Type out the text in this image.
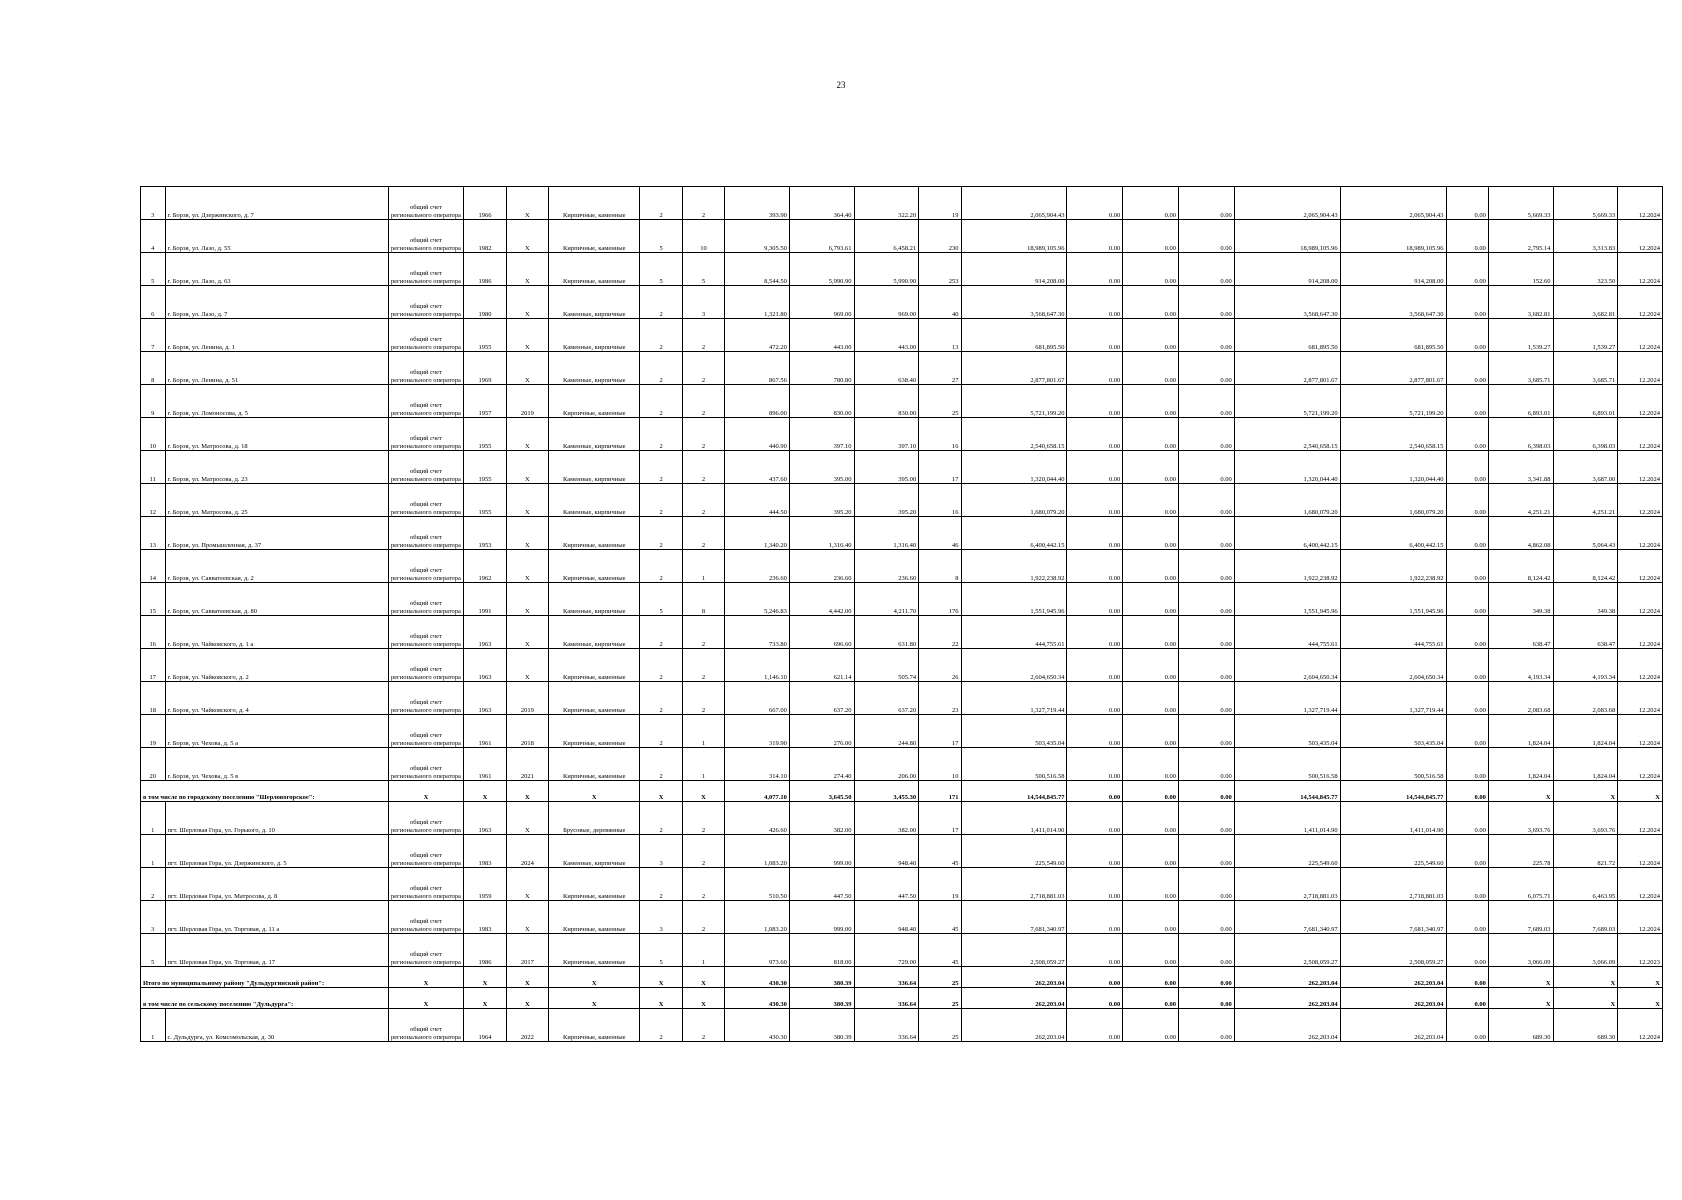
23
3	г. Борзя, ул. Дзержинского, д. 7	общий счет регионального оператора	1966	X	Кирпичные, каменные	2	2	393.90	364.40	322.20	19	2,065,904.43	0.00	0.00	0.00	2,065,904.43	2,065,904.43	0.00	5,669.33	5,669.33	12.2024
4	г. Борзя, ул. Лазо, д. 55	общий счет регионального оператора	1982	X	Кирпичные, каменные	5	10	9,305.50	6,793.61	6,458.21	230	18,989,105.96	0.00	0.00	0.00	18,989,105.96	18,989,105.96	0.00	2,795.14	3,313.83	12.2024
5	г. Борзя, ул. Лазо, д. 63	общий счет регионального оператора	1986	X	Кирпичные, каменные	5	5	8,544.50	5,990.90	5,990.90	253	914,208.00	0.00	0.00	0.00	914,208.00	914,208.00	0.00	152.60	323.50	12.2024
6	г. Борзя, ул. Лазо, д. 7	общий счет регионального оператора	1980	X	Каменные, кирпичные	2	3	1,321.80	969.00	969.00	40	3,568,647.30	0.00	0.00	0.00	3,568,647.30	3,568,647.30	0.00	3,682.81	3,682.81	12.2024
7	г. Борзя, ул. Ленина, д. 1	общий счет регионального оператора	1955	X	Каменные, кирпичные	2	2	472.20	443.00	443.00	13	681,895.50	0.00	0.00	0.00	681,895.50	681,895.50	0.00	1,539.27	1,539.27	12.2024
8	г. Борзя, ул. Ленина, д. 51	общий счет регионального оператора	1969	X	Каменные, кирпичные	2	2	867.56	780.80	638.40	27	2,877,801.67	0.00	0.00	0.00	2,877,801.67	2,877,801.67	0.00	3,685.71	3,685.71	12.2024
9	г. Борзя, ул. Ломоносова, д. 5	общий счет регионального оператора	1957	2019	Кирпичные, каменные	2	2	896.00	830.00	830.00	25	5,721,199.20	0.00	0.00	0.00	5,721,199.20	5,721,199.20	0.00	6,893.01	6,893.01	12.2024
10	г. Борзя, ул. Матросова, д. 18	общий счет регионального оператора	1955	X	Каменные, кирпичные	2	2	440.90	397.10	397.10	16	2,540,658.15	0.00	0.00	0.00	2,540,658.15	2,540,658.15	0.00	6,398.03	6,398.03	12.2024
11	г. Борзя, ул. Матросова, д. 23	общий счет регионального оператора	1955	X	Каменные, кирпичные	2	2	437.60	395.00	395.00	17	1,320,044.40	0.00	0.00	0.00	1,320,044.40	1,320,044.40	0.00	3,341.88	3,687.00	12.2024
12	г. Борзя, ул. Матросова, д. 25	общий счет регионального оператора	1955	X	Каменные, кирпичные	2	2	444.50	395.20	395.20	16	1,680,079.20	0.00	0.00	0.00	1,680,079.20	1,680,079.20	0.00	4,251.21	4,251.21	12.2024
13	г. Борзя, ул. Промышленная, д. 37	общий счет регионального оператора	1953	X	Кирпичные, каменные	2	2	1,340.20	1,316.40	1,316.40	46	6,400,442.15	0.00	0.00	0.00	6,400,442.15	6,400,442.15	0.00	4,862.08	5,064.43	12.2024
14	г. Борзя, ул. Савватеевская, д. 2	общий счет регионального оператора	1962	X	Кирпичные, каменные	2	1	236.60	236.60	236.60	8	1,922,238.92	0.00	0.00	0.00	1,922,238.92	1,922,238.92	0.00	8,124.42	8,124.42	12.2024
15	г. Борзя, ул. Савватеевская, д. 80	общий счет регионального оператора	1991	X	Каменные, кирпичные	5	8	5,246.83	4,442.00	4,211.70	176	1,551,945.96	0.00	0.00	0.00	1,551,945.96	1,551,945.96	0.00	349.38	349.38	12.2024
16	г. Борзя, ул. Чайковского, д. 1 а	общий счет регионального оператора	1963	X	Каменные, кирпичные	2	2	733.80	696.60	631.80	22	444,755.61	0.00	0.00	0.00	444,755.61	444,755.61	0.00	638.47	638.47	12.2024
17	г. Борзя, ул. Чайковского, д. 2	общий счет регионального оператора	1963	X	Кирпичные, каменные	2	2	1,146.10	621.14	505.74	26	2,604,650.34	0.00	0.00	0.00	2,604,650.34	2,604,650.34	0.00	4,193.34	4,193.34	12.2024
18	г. Борзя, ул. Чайковского, д. 4	общий счет регионального оператора	1963	2019	Кирпичные, каменные	2	2	667.00	637.20	637.20	23	1,327,719.44	0.00	0.00	0.00	1,327,719.44	1,327,719.44	0.00	2,083.68	2,083.68	12.2024
19	г. Борзя, ул. Чехова, д. 5 а	общий счет регионального оператора	1961	2018	Кирпичные, каменные	2	1	319.90	276.00	244.80	17	503,435.04	0.00	0.00	0.00	503,435.04	503,435.04	0.00	1,824.04	1,824.04	12.2024
20	г. Борзя, ул. Чехова, д. 5 в	общий счет регионального оператора	1961	2021	Кирпичные, каменные	2	1	314.10	274.40	206.00	10	500,516.58	0.00	0.00	0.00	500,516.58	500,516.58	0.00	1,824.04	1,824.04	12.2024
в том числе по городскому поселению "Шерловогорское":		X	X	X	X	X	X	4,077.10	3,645.50	3,455.30	171	14,544,845.77	0.00	0.00	0.00	14,544,845.77	14,544,845.77	0.00	X	X	X
1	пгт. Шерловая Гора, ул. Горького, д. 10	общий счет регионального оператора	1963	X	Брусовые, деревянные	2	2	426.60	382.00	382.00	17	1,411,014.90	0.00	0.00	0.00	1,411,014.90	1,411,014.90	0.00	3,693.76	3,693.76	12.2024
1	пгт. Шерловая Гора, ул. Дзержинского, д. 5	общий счет регионального оператора	1983	2024	Каменные, кирпичные	3	2	1,083.20	999.00	948.40	45	225,549.60	0.00	0.00	0.00	225,549.60	225,549.60	0.00	225.78	821.72	12.2024
2	пгт. Шерловая Гора, ул. Матросова, д. 8	общий счет регионального оператора	1959	X	Кирпичные, каменные	2	2	510.50	447.50	447.50	19	2,718,881.03	0.00	0.00	0.00	2,718,881.03	2,718,881.03	0.00	6,075.71	6,463.95	12.2024
3	пгт. Шерловая Гора, ул. Торговая, д. 11 а	общий счет регионального оператора	1983	X	Кирпичные, каменные	3	2	1,083.20	999.00	948.40	45	7,681,340.97	0.00	0.00	0.00	7,681,340.97	7,681,340.97	0.00	7,689.03	7,689.03	12.2024
5	пгт. Шерловая Гора, ул. Торговая, д. 17	общий счет регионального оператора	1986	2017	Кирпичные, каменные	5	1	973.60	818.00	729.00	45	2,508,059.27	0.00	0.00	0.00	2,508,059.27	2,508,059.27	0.00	3,066.09	3,066.09	12.2023
Итого по муниципальному району "Дульдургинский район":		X	X	X	X	X	X	430.30	380.39	336.64	25	262,203.04	0.00	0.00	0.00	262,203.04	262,203.04	0.00	X	X	X
в том числе по сельскому поселению "Дульдурга":		X	X	X	X	X	X	430.30	380.39	336.64	25	262,203.04	0.00	0.00	0.00	262,203.04	262,203.04	0.00	X	X	X
1	с. Дульдурга, ул. Комсомольская, д. 30	общий счет регионального оператора	1964	2022	Кирпичные, каменные	2	2	430.30	380.39	336.64	25	262,203.04	0.00	0.00	0.00	262,203.04	262,203.04	0.00	689.30	689.30	12.2024
